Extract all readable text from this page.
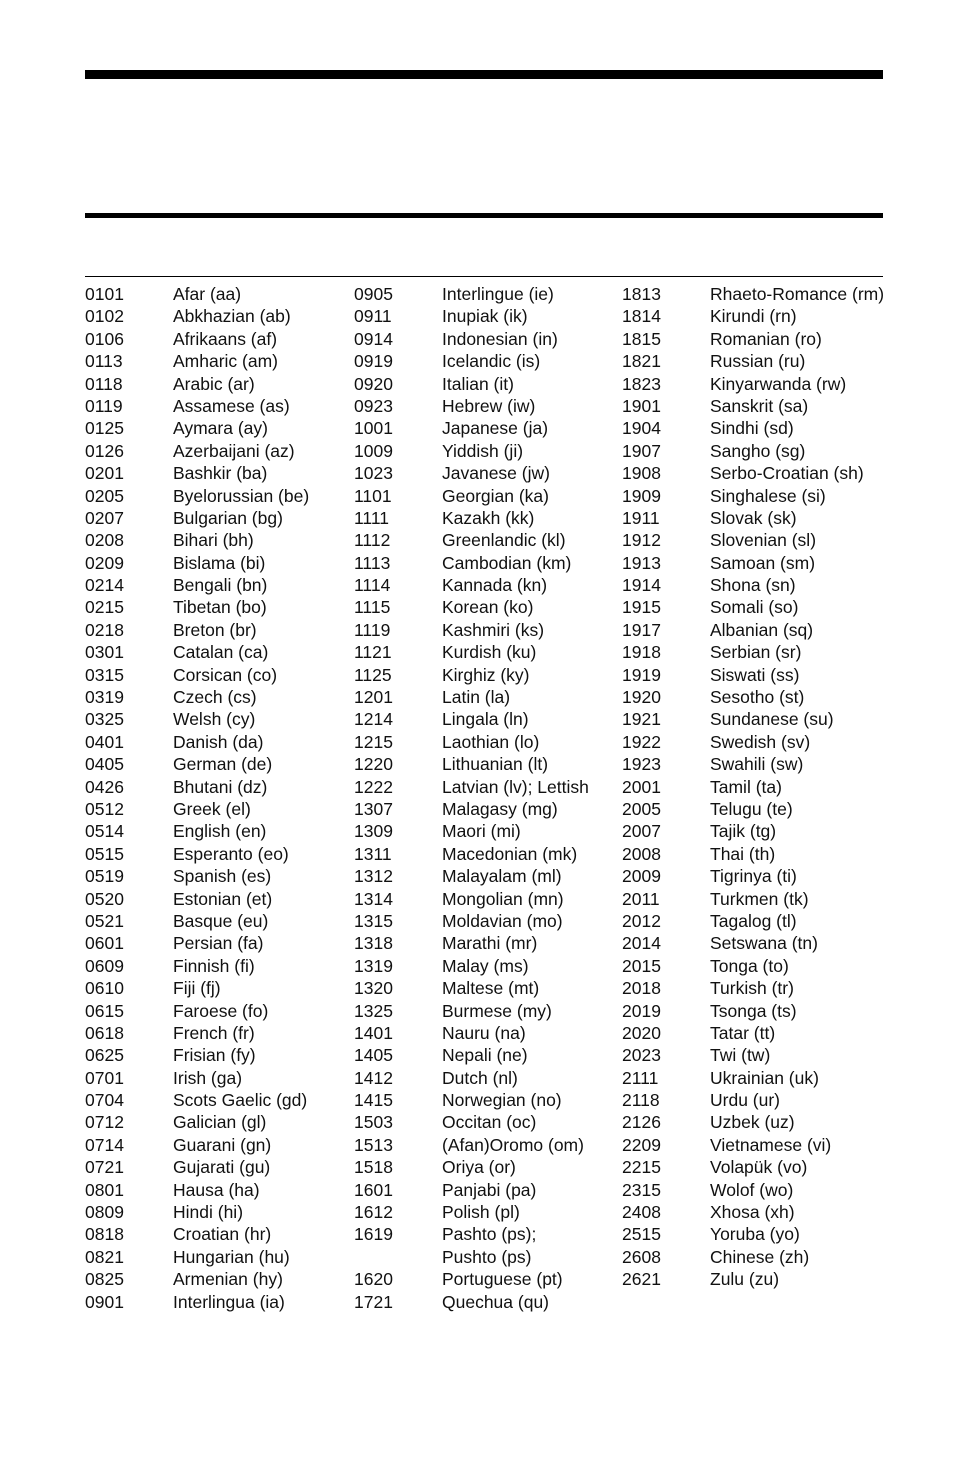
0101	Afar (aa)
0102	Abkhazian (ab)
0106	Afrikaans (af)
0113	Amharic (am)
0118	Arabic (ar)
0119	Assamese (as)
0125	Aymara (ay)
0126	Azerbaijani (az)
0201	Bashkir (ba)
0205	Byelorussian (be)
0207	Bulgarian (bg)
0208	Bihari (bh)
0209	Bislama (bi)
0214	Bengali (bn)
0215	Tibetan (bo)
0218	Breton (br)
0301	Catalan (ca)
0315	Corsican (co)
0319	Czech (cs)
0325	Welsh (cy)
0401	Danish (da)
0405	German (de)
0426	Bhutani (dz)
0512	Greek (el)
0514	English (en)
0515	Esperanto (eo)
0519	Spanish (es)
0520	Estonian (et)
0521	Basque (eu)
0601	Persian (fa)
0609	Finnish (fi)
0610	Fiji (fj)
0615	Faroese (fo)
0618	French (fr)
0625	Frisian (fy)
0701	Irish (ga)
0704	Scots Gaelic (gd)
0712	Galician (gl)
0714	Guarani (gn)
0721	Gujarati (gu)
0801	Hausa (ha)
0809	Hindi (hi)
0818	Croatian (hr)
0821	Hungarian (hu)
0825	Armenian (hy)
0901	Interlingua (ia)
0905	Interlingue (ie)
0911	Inupiak (ik)
0914	Indonesian (in)
0919	Icelandic (is)
0920	Italian (it)
0923	Hebrew (iw)
1001	Japanese (ja)
1009	Yiddish (ji)
1023	Javanese (jw)
1101	Georgian (ka)
1111	Kazakh (kk)
1112	Greenlandic (kl)
1113	Cambodian (km)
1114	Kannada (kn)
1115	Korean (ko)
1119	Kashmiri (ks)
1121	Kurdish (ku)
1125	Kirghiz (ky)
1201	Latin (la)
1214	Lingala (ln)
1215	Laothian (lo)
1220	Lithuanian (lt)
1222	Latvian (lv); Lettish
1307	Malagasy (mg)
1309	Maori (mi)
1311	Macedonian (mk)
1312	Malayalam (ml)
1314	Mongolian (mn)
1315	Moldavian (mo)
1318	Marathi (mr)
1319	Malay (ms)
1320	Maltese (mt)
1325	Burmese (my)
1401	Nauru (na)
1405	Nepali (ne)
1412	Dutch (nl)
1415	Norwegian (no)
1503	Occitan (oc)
1513	(Afan)Oromo (om)
1518	Oriya (or)
1601	Panjabi (pa)
1612	Polish (pl)
1619	Pashto (ps);
Pushto (ps)
1620	Portuguese (pt)
1721	Quechua (qu)
1813	Rhaeto-Romance (rm)
1814	Kirundi (rn)
1815	Romanian (ro)
1821	Russian (ru)
1823	Kinyarwanda (rw)
1901	Sanskrit (sa)
1904	Sindhi (sd)
1907	Sangho (sg)
1908	Serbo-Croatian (sh)
1909	Singhalese (si)
1911	Slovak (sk)
1912	Slovenian (sl)
1913	Samoan (sm)
1914	Shona (sn)
1915	Somali (so)
1917	Albanian (sq)
1918	Serbian (sr)
1919	Siswati (ss)
1920	Sesotho (st)
1921	Sundanese (su)
1922	Swedish (sv)
1923	Swahili (sw)
2001	Tamil (ta)
2005	Telugu (te)
2007	Tajik (tg)
2008	Thai (th)
2009	Tigrinya (ti)
2011	Turkmen (tk)
2012	Tagalog (tl)
2014	Setswana (tn)
2015	Tonga (to)
2018	Turkish (tr)
2019	Tsonga (ts)
2020	Tatar (tt)
2023	Twi (tw)
2111	Ukrainian (uk)
2118	Urdu (ur)
2126	Uzbek (uz)
2209	Vietnamese (vi)
2215	Volapük (vo)
2315	Wolof (wo)
2408	Xhosa (xh)
2515	Yoruba (yo)
2608	Chinese (zh)
2621	Zulu (zu)
